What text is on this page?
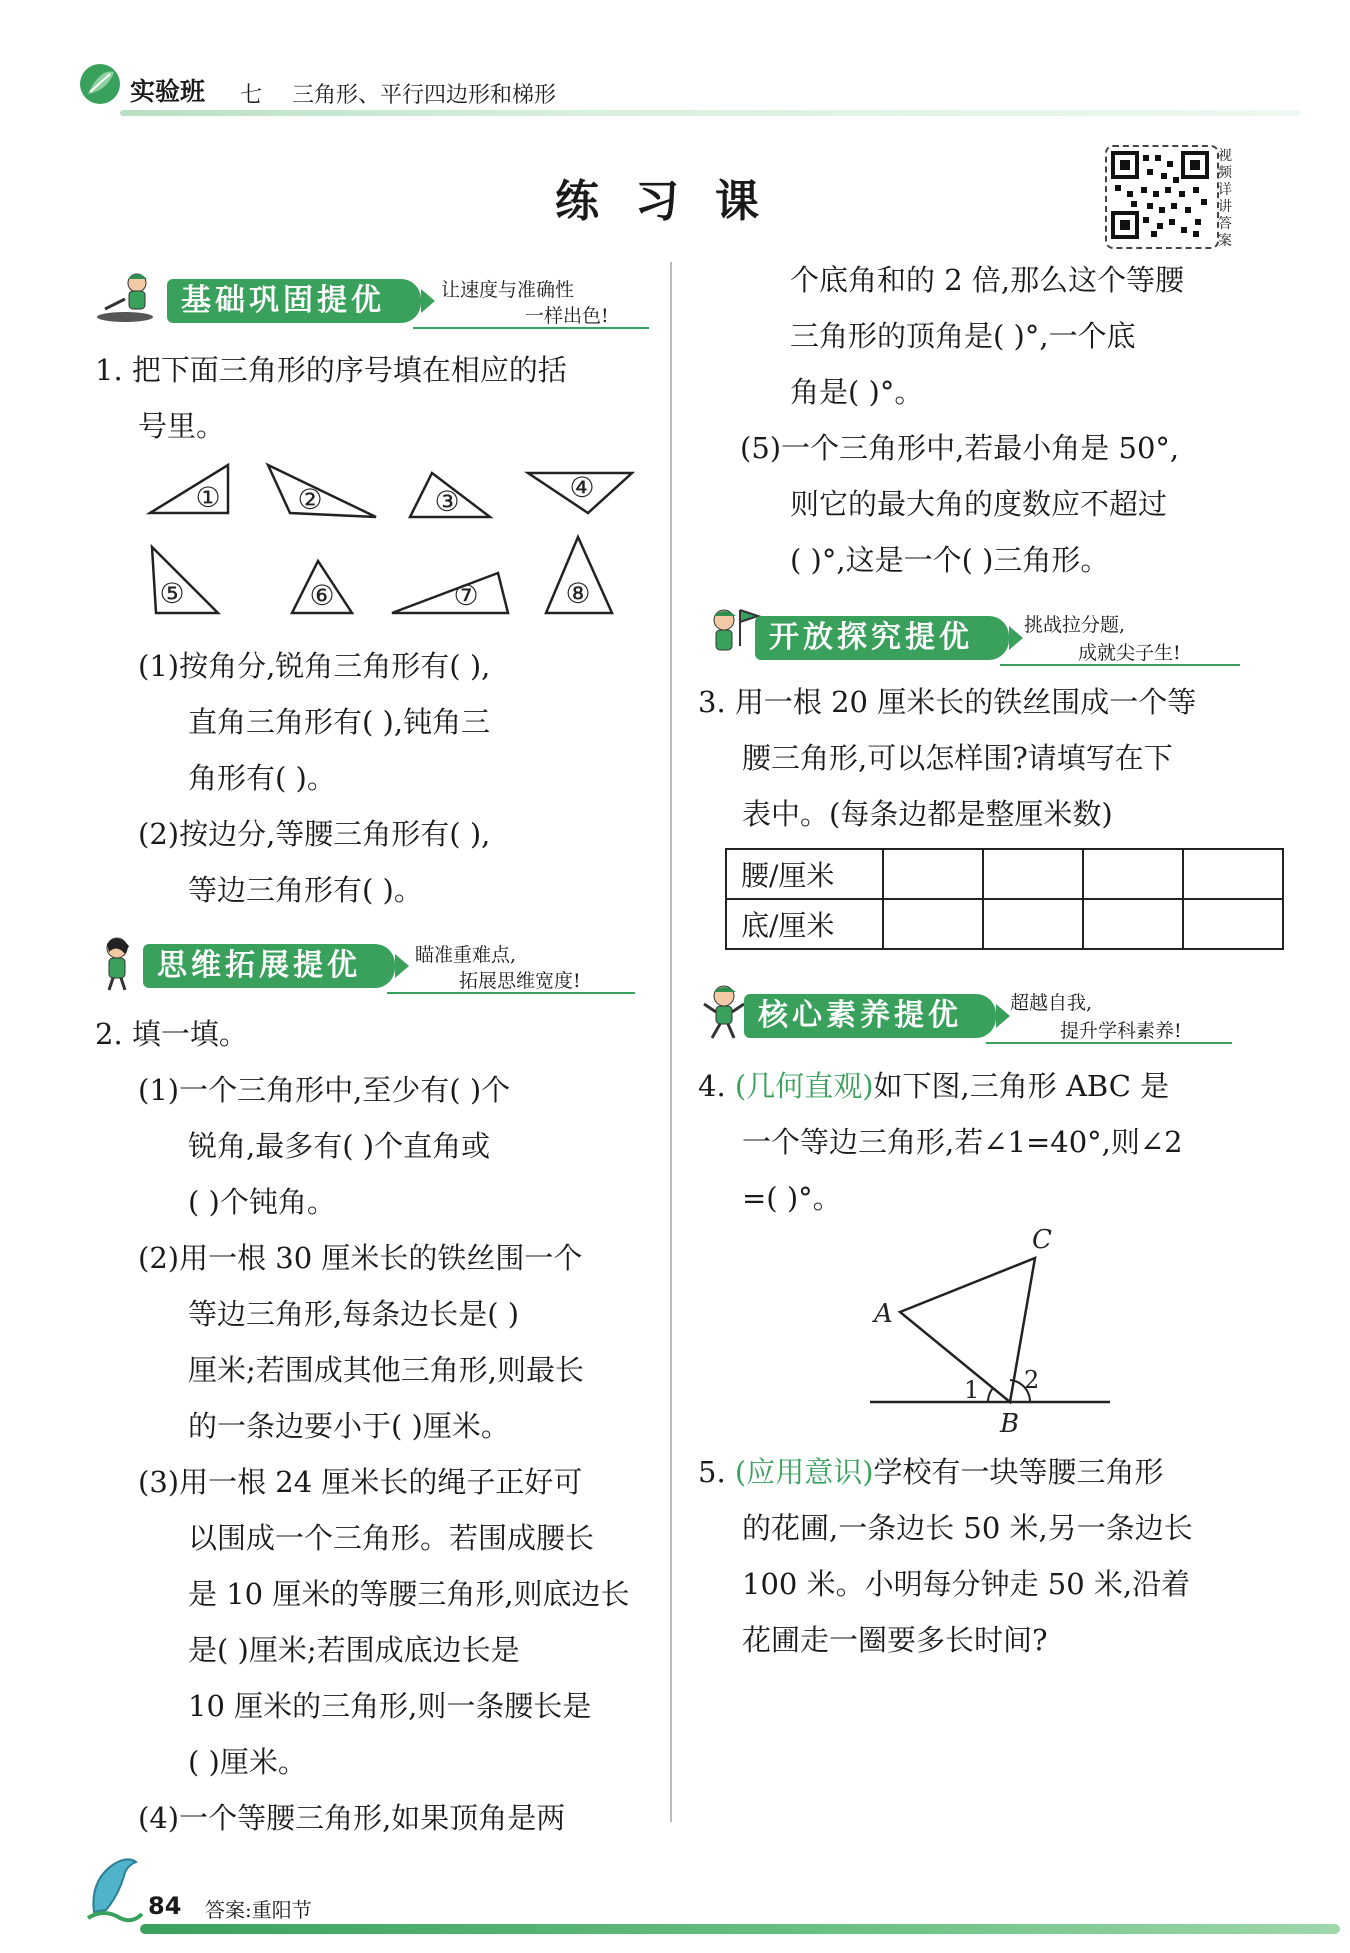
实验班 七 三角形、平行四边形和梯形
练习课
视频详讲答案
基础巩固提优	让速度与准确性
一样出色!
1. 把下面三角形的序号填在相应的括
号里。
①	②	③	④
⑤	⑥	⑦	⑧
(1)按角分,锐角三角形有( ),
直角三角形有( ),钝角三
角形有( )。
(2)按边分,等腰三角形有( ),
等边三角形有( )。
思维拓展提优	瞄准重难点,
拓展思维宽度!
2. 填一填。
(1)一个三角形中,至少有( )个
锐角,最多有( )个直角或
( )个钝角。
(2)用一根 30 厘米长的铁丝围一个
等边三角形,每条边长是( )
厘米;若围成其他三角形,则最长
的一条边要小于( )厘米。
(3)用一根 24 厘米长的绳子正好可
以围成一个三角形。若围成腰长
是 10 厘米的等腰三角形,则底边长
是( )厘米;若围成底边长是
10 厘米的三角形,则一条腰长是
( )厘米。
(4)一个等腰三角形,如果顶角是两
个底角和的 2 倍,那么这个等腰
三角形的顶角是( )°,一个底
角是( )°。
(5)一个三角形中,若最小角是 50°,
则它的最大角的度数应不超过
( )°,这是一个( )三角形。
开放探究提优	挑战拉分题,
成就尖子生!
3. 用一根 20 厘米长的铁丝围成一个等
腰三角形,可以怎样围?请填写在下
表中。(每条边都是整厘米数)
腰/厘米				
底/厘米				
核心素养提优	超越自我,
提升学科素养!
4. (几何直观)如下图,三角形 ABC 是
一个等边三角形,若∠1=40°,则∠2
=( )°。
A
C
B
1 2
5. (应用意识)学校有一块等腰三角形
的花圃,一条边长 50 米,另一条边长
100 米。小明每分钟走 50 米,沿着
花圃走一圈要多长时间?
84 答案:重阳节
